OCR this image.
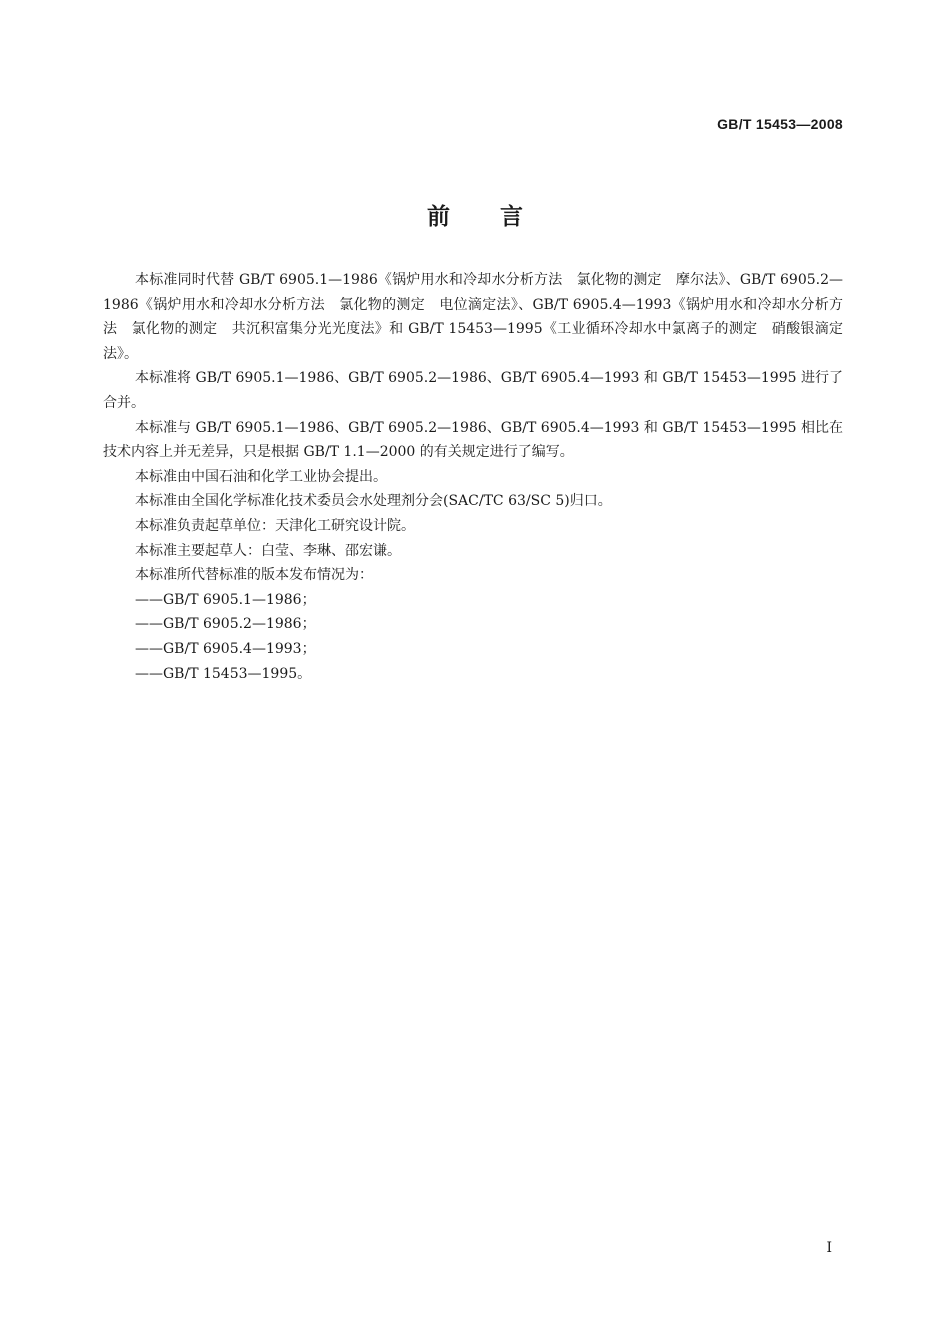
GB/T 15453—2008
前言

本标准同时代替 GB/T 6905.1—1986《锅炉用水和冷却水分析方法　氯化物的测定　摩尔法》、GB/T 6905.2—1986《锅炉用水和冷却水分析方法　氯化物的测定　电位滴定法》、GB/T 6905.4—1993《锅炉用水和冷却水分析方法　氯化物的测定　共沉积富集分光光度法》和 GB/T 15453—1995《工业循环冷却水中氯离子的测定　硝酸银滴定法》。

本标准将 GB/T 6905.1—1986、GB/T 6905.2—1986、GB/T 6905.4—1993 和 GB/T 15453—1995 进行了合并。

本标准与 GB/T 6905.1—1986、GB/T 6905.2—1986、GB/T 6905.4—1993 和 GB/T 15453—1995 相比在技术内容上并无差异，只是根据 GB/T 1.1—2000 的有关规定进行了编写。

本标准由中国石油和化学工业协会提出。

本标准由全国化学标准化技术委员会水处理剂分会(SAC/TC 63/SC 5)归口。

本标准负责起草单位：天津化工研究设计院。

本标准主要起草人：白莹、李琳、邵宏谦。

本标准所代替标准的版本发布情况为：

——GB/T 6905.1—1986；
——GB/T 6905.2—1986；
——GB/T 6905.4—1993；
——GB/T 15453—1995。
I
